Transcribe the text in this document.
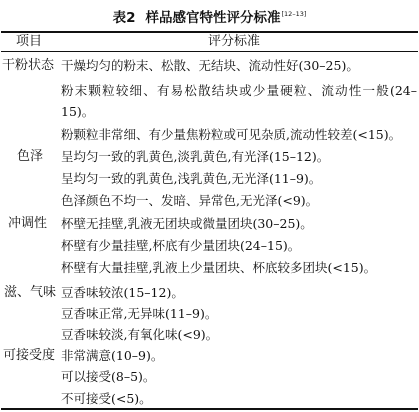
表2 样品感官特性评分标准[12–13]
项目	评分标准
干粉状态 干燥均匀的粉末、松散、无结块、流动性好(30–25)。
粉末颗粒较细、有易松散结块或少量硬粒、流动性一般(24–15)。
粉颗粒非常细、有少量焦粉粒或可见杂质,流动性较差(<15)。
色泽 呈均匀一致的乳黄色,淡乳黄色,有光泽(15–12)。
呈均匀一致的乳黄色,浅乳黄色,无光泽(11–9)。
色泽颜色不均一、发暗、异常色,无光泽(<9)。
冲调性 杯壁无挂壁,乳液无团块或微量团块(30–25)。
杯壁有少量挂壁,杯底有少量团块(24–15)。
杯壁有大量挂壁,乳液上少量团块、杯底较多团块(<15)。
滋、气味 豆香味较浓(15–12)。
豆香味正常,无异味(11–9)。
豆香味较淡,有氧化味(<9)。
可接受度 非常满意(10–9)。
可以接受(8–5)。
不可接受(<5)。
